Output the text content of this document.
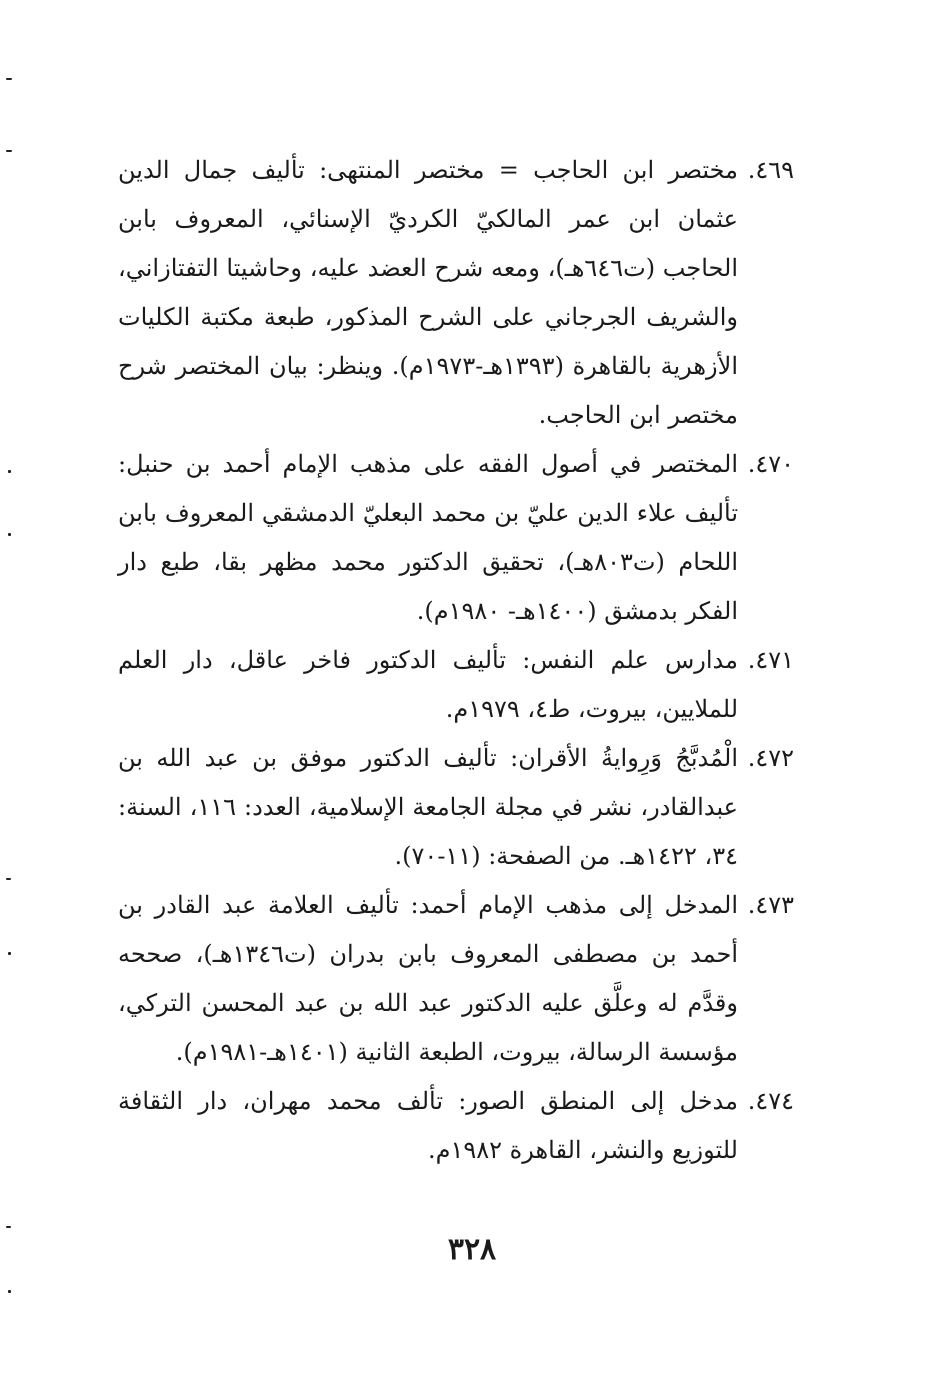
٤٦٩.
مختصر ابن الحاجب = مختصر المنتهى: تأليف جمال الدين عثمان ابن عمر المالكيّ الكرديّ الإسنائي، المعروف بابن الحاجب (ت٦٤٦هـ)، ومعه شرح العضد عليه، وحاشيتا التفتازاني، والشريف الجرجاني على الشرح المذكور، طبعة مكتبة الكليات الأزهرية بالقاهرة (١٣٩٣هـ-١٩٧٣م). وينظر: بيان المختصر شرح مختصر ابن الحاجب.
٤٧٠.
المختصر في أصول الفقه على مذهب الإمام أحمد بن حنبل: تأليف علاء الدين عليّ بن محمد البعليّ الدمشقي المعروف بابن اللحام (ت٨٠٣هـ)، تحقيق الدكتور محمد مظهر بقا، طبع دار الفكر بدمشق (١٤٠٠هـ- ١٩٨٠م).
٤٧١.
مدارس علم النفس: تأليف الدكتور فاخر عاقل، دار العلم للملايين، بيروت، ط٤، ١٩٧٩م.
٤٧٢.
الْمُدبَّجُ وَرِوايةُ الأقران: تأليف الدكتور موفق بن عبد الله بن عبدالقادر، نشر في مجلة الجامعة الإسلامية، العدد: ١١٦، السنة: ٣٤، ١٤٢٢هـ. من الصفحة: (١١-٧٠).
٤٧٣.
المدخل إلى مذهب الإمام أحمد: تأليف العلامة عبد القادر بن أحمد بن مصطفى المعروف بابن بدران (ت١٣٤٦هـ)، صححه وقدَّم له وعلَّق عليه الدكتور عبد الله بن عبد المحسن التركي، مؤسسة الرسالة، بيروت، الطبعة الثانية (١٤٠١هـ-١٩٨١م).
٤٧٤.
مدخل إلى المنطق الصور: تألف محمد مهران، دار الثقافة للتوزيع والنشر، القاهرة ١٩٨٢م.
٣٢٨
